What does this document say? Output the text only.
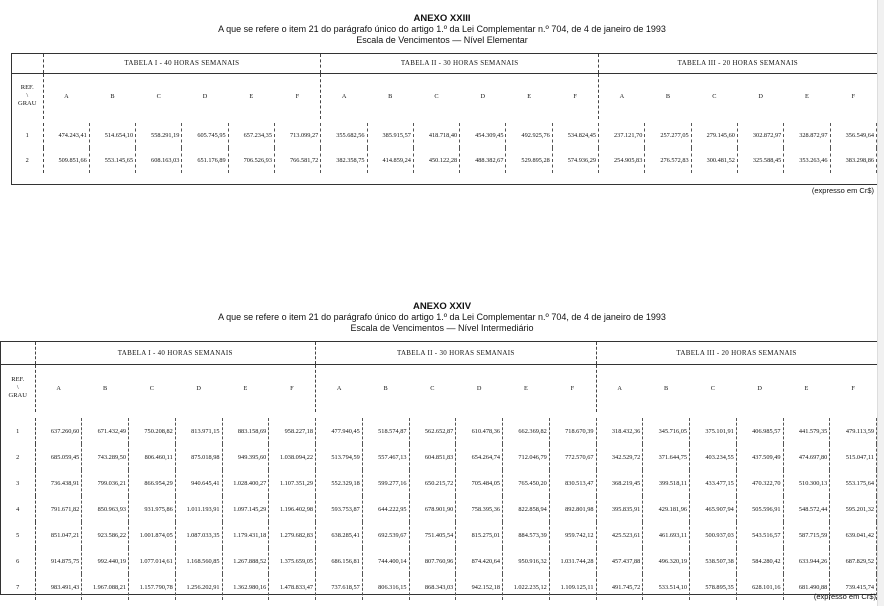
ANEXO XXIII
A que se refere o item 21 do parágrafo único do artigo 1.º da Lei Complementar n.º 704, de 4 de janeiro de 1993
Escala de Vencimentos — Nível Elementar
	TABELA I - 40 HORAS SEMANAIS						TABELA II - 30 HORAS SEMANAIS						TABELA III - 20 HORAS SEMANAIS					

REF.
\
GRAU	A	B	C	D	E	F	A	B	C	D	E	F	A	B	C	D	E	F

1	474.243,41	514.654,10	558.291,19	605.745,95	657.234,35	713.099,27	355.682,56	385.915,57	418.718,40	454.309,45	492.925,76	534.824,45	237.121,70	257.277,05	279.145,60	302.872,97	328.872,97	356.549,64
2	509.851,66	553.145,65	608.163,03	651.176,89	706.526,93	766.581,72	382.358,75	414.859,24	450.122,28	488.382,67	529.895,28	574.936,29	254.905,83	276.572,83	300.481,52	325.588,45	353.263,46	383.298,86
(expresso em Cr$)
ANEXO XXIV
A que se refere o item 21 do parágrafo único do artigo 1.º da Lei Complementar n.º 704, de 4 de janeiro de 1993
Escala de Vencimentos — Nível Intermediário
	TABELA I - 40 HORAS SEMANAIS						TABELA II - 30 HORAS SEMANAIS						TABELA III - 20 HORAS SEMANAIS					

REF.
\
GRAU	A	B	C	D	E	F	A	B	C	D	E	F	A	B	C	D	E	F

1	637.260,60	671.432,49	750.208,82	813.971,15	883.158,69	958.227,18	477.940,45	518.574,87	562.652,87	610.478,36	662.369,82	718.670,39	318.432,36	345.716,05	375.101,91	406.985,57	441.579,35	479.113,59
2	685.059,45	743.289,50	806.460,11	875.018,98	949.395,60	1.038.094,22	513.794,59	557.467,13	604.851,83	654.264,74	712.046,79	772.570,67	342.529,72	371.644,75	403.234,55	437.509,49	474.697,80	515.047,11
3	736.438,91	799.036,21	866.954,29	940.645,41	1.028.400,27	1.107.351,29	552.329,18	599.277,16	650.215,72	705.484,05	765.450,20	830.513,47	368.219,45	399.518,11	433.477,15	470.322,70	510.300,13	553.175,64
4	791.671,82	850.963,93	931.975,86	1.011.193,91	1.097.145,29	1.196.402,98	593.753,87	644.222,95	678.901,90	758.395,36	822.858,94	892.801,98	395.835,91	429.181,96	465.907,94	505.596,91	548.572,44	595.201,32
5	851.047,21	923.586,22	1.001.874,05	1.087.033,35	1.179.431,18	1.279.682,83	638.285,41	692.539,67	751.405,54	815.275,01	884.573,39	959.742,12	425.523,61	461.693,11	500.937,03	543.516,57	587.715,59	639.041,42
6	914.875,75	992.440,19	1.077.014,61	1.168.560,85	1.267.888,52	1.375.659,05	686.156,81	744.400,14	807.760,96	874.420,64	950.916,32	1.031.744,28	457.437,88	496.320,19	538.507,38	584.280,42	633.944,26	687.829,52
7	983.491,43	1.967.088,21	1.157.790,78	1.256.202,91	1.362.980,16	1.478.833,47	737.618,57	806.316,15	868.343,03	942.152,18	1.022.235,12	1.109.125,11	491.745,72	533.514,10	578.895,35	628.101,16	681.490,88	739.415,74
(expresso em Cr$)
